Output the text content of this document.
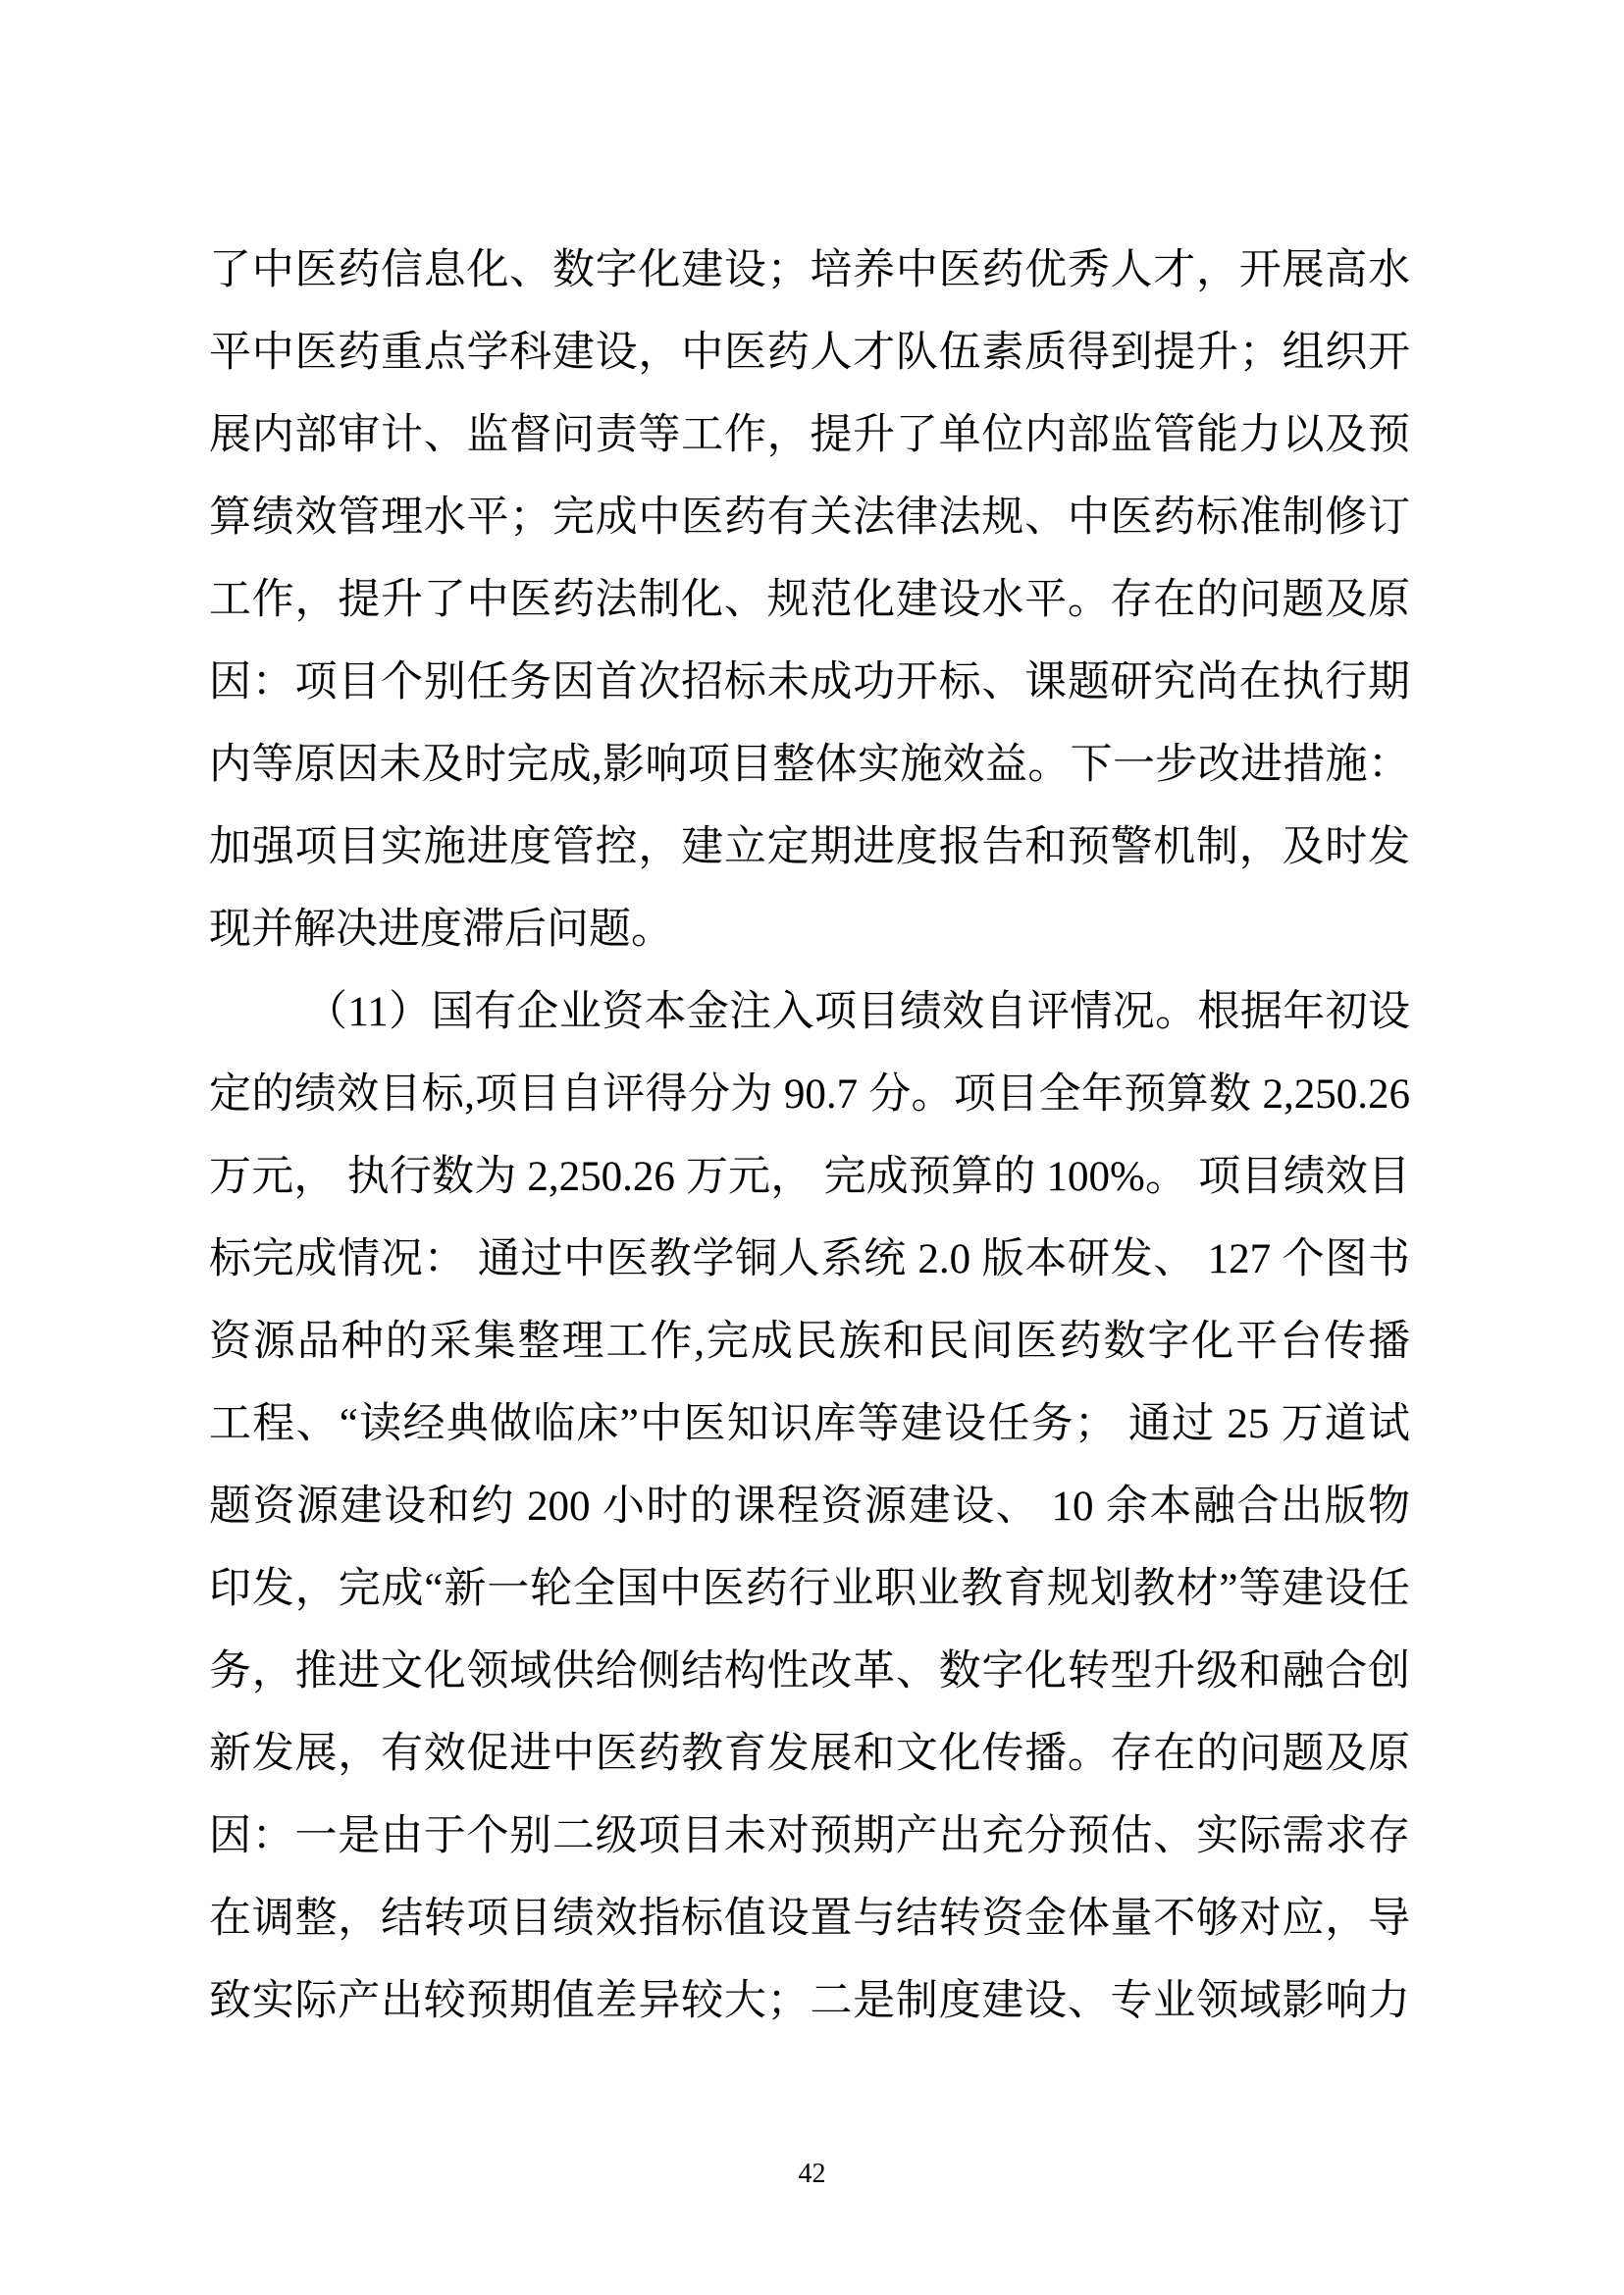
了中医药信息化、数字化建设；培养中医药优秀人才，开展高水
平中医药重点学科建设，中医药人才队伍素质得到提升；组织开
展内部审计、监督问责等工作，提升了单位内部监管能力以及预
算绩效管理水平；完成中医药有关法律法规、中医药标准制修订
工作，提升了中医药法制化、规范化建设水平。存在的问题及原
因：项目个别任务因首次招标未成功开标、课题研究尚在执行期
内等原因未及时完成,影响项目整体实施效益。下一步改进措施：
加强项目实施进度管控，建立定期进度报告和预警机制，及时发
现并解决进度滞后问题。
（11）国有企业资本金注入项目绩效自评情况。根据年初设
定的绩效目标,项目自评得分为 90.7 分。项目全年预算数 2,250.26
万元， 执行数为 2,250.26 万元， 完成预算的 100%。 项目绩效目
标完成情况： 通过中医教学铜人系统 2.0 版本研发、 127 个图书
资源品种的采集整理工作,完成民族和民间医药数字化平台传播
工程、“读经典做临床”中医知识库等建设任务； 通过 25 万道试
题资源建设和约 200 小时的课程资源建设、 10 余本融合出版物
印发，完成“新一轮全国中医药行业职业教育规划教材”等建设任
务，推进文化领域供给侧结构性改革、数字化转型升级和融合创
新发展，有效促进中医药教育发展和文化传播。存在的问题及原
因：一是由于个别二级项目未对预期产出充分预估、实际需求存
在调整，结转项目绩效指标值设置与结转资金体量不够对应，导
致实际产出较预期值差异较大；二是制度建设、专业领域影响力
42
